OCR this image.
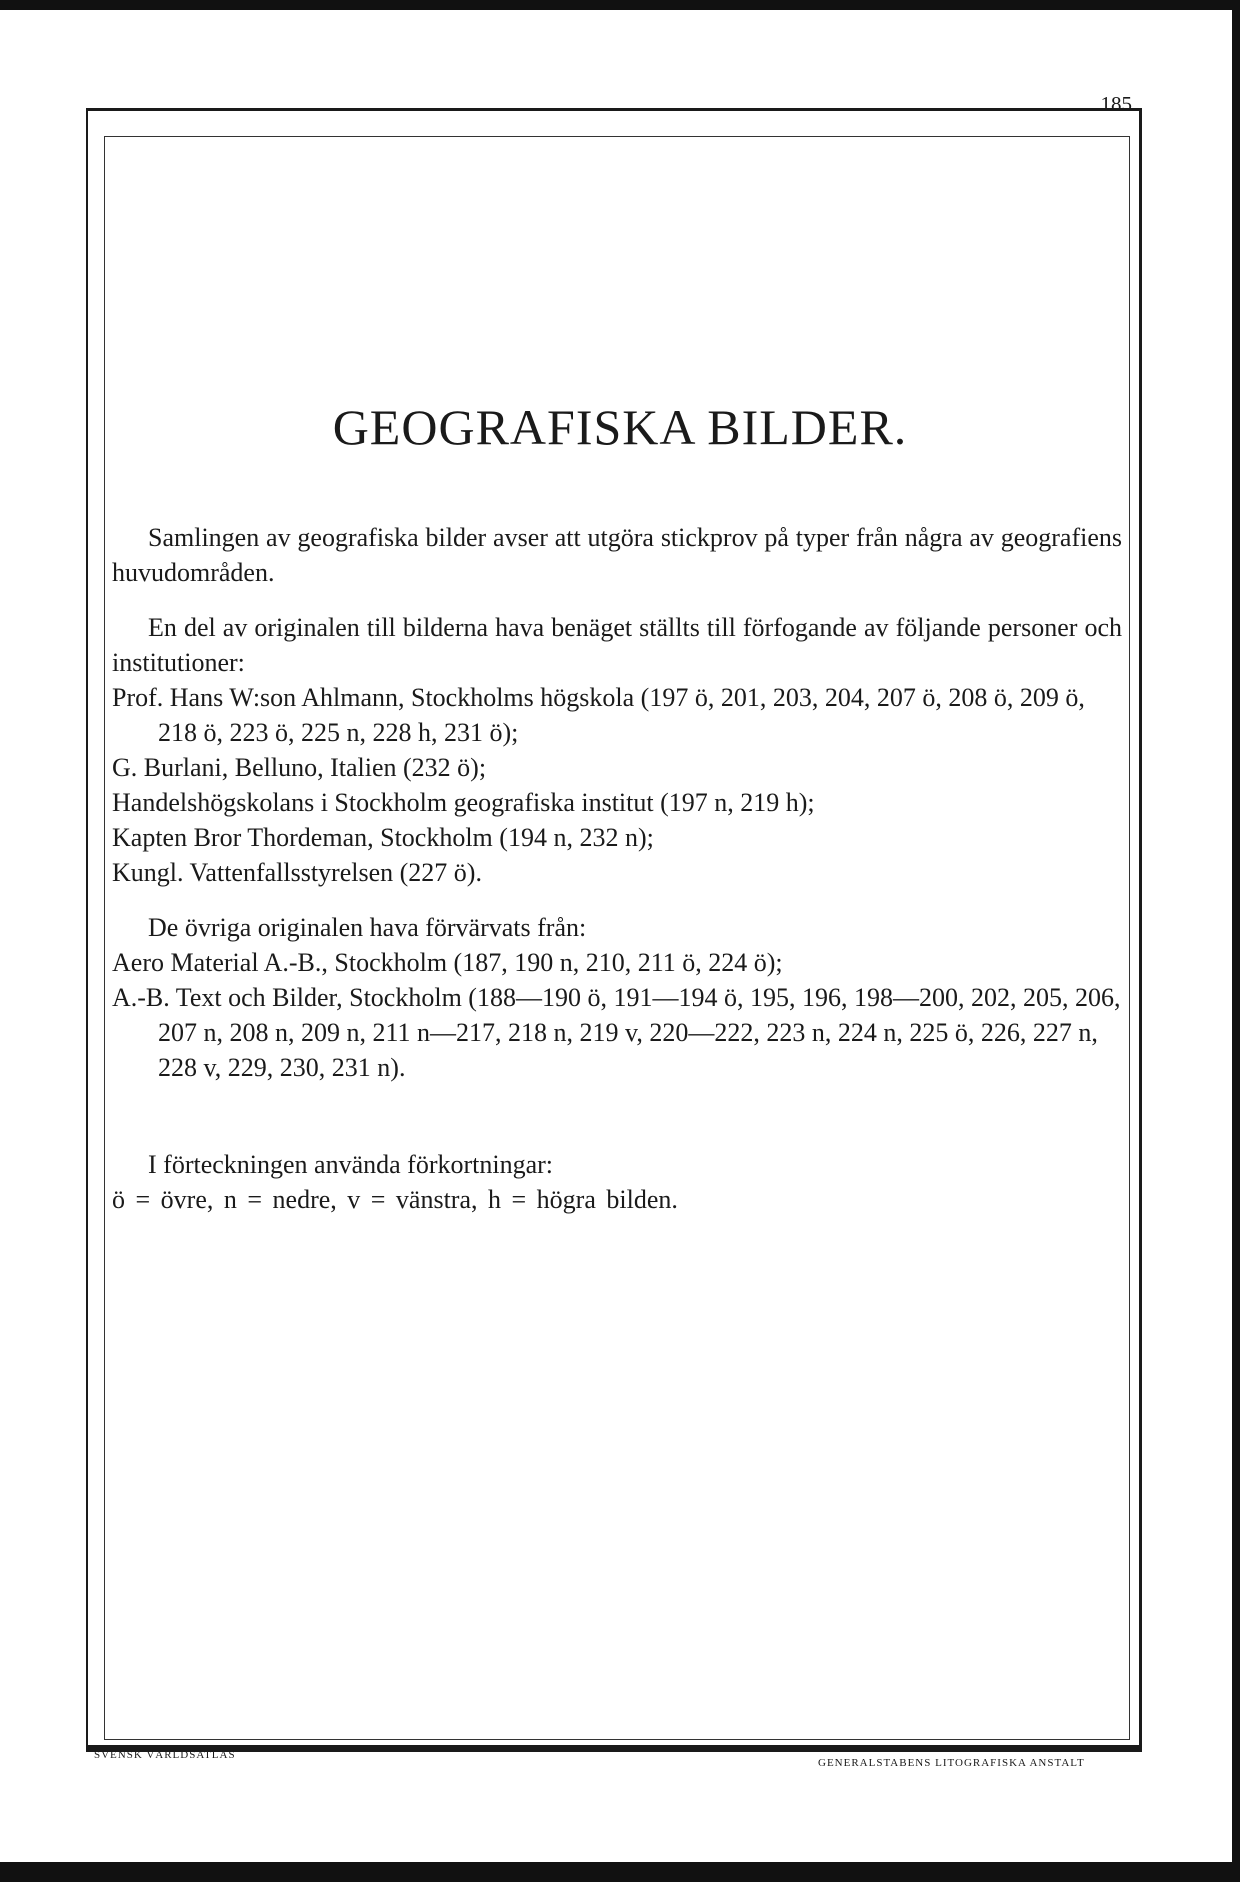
185
GEOGRAFISKA BILDER.

Samlingen av geografiska bilder avser att utgöra stickprov på typer från några av geografiens huvudområden.

En del av originalen till bilderna hava benäget ställts till förfogande av följande personer och institutioner:

Prof. Hans W:son Ahlmann, Stockholms högskola (197 ö, 201, 203, 204, 207 ö, 208 ö, 209 ö, 218 ö, 223 ö, 225 n, 228 h, 231 ö);

G. Burlani, Belluno, Italien (232 ö);

Handelshögskolans i Stockholm geografiska institut (197 n, 219 h);

Kapten Bror Thordeman, Stockholm (194 n, 232 n);

Kungl. Vattenfallsstyrelsen (227 ö).

De övriga originalen hava förvärvats från:

Aero Material A.-B., Stockholm (187, 190 n, 210, 211 ö, 224 ö);

A.-B. Text och Bilder, Stockholm (188—190 ö, 191—194 ö, 195, 196, 198—200, 202, 205, 206, 207 n, 208 n, 209 n, 211 n—217, 218 n, 219 v, 220—222, 223 n, 224 n, 225 ö, 226, 227 n, 228 v, 229, 230, 231 n).

I förteckningen använda förkortningar:

ö = övre, n = nedre, v = vänstra, h = högra bilden.

SVENSK VÄRLDSATLAS
GENERALSTABENS LITOGRAFISKA ANSTALT
